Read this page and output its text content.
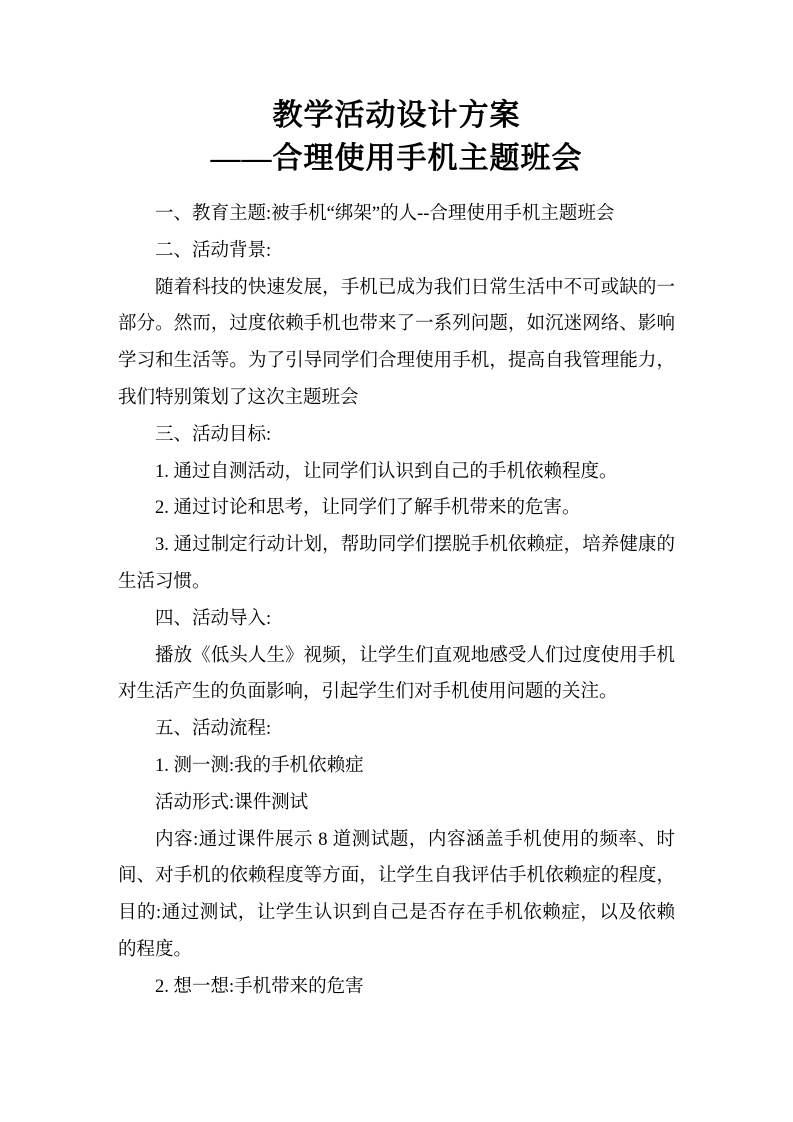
教学活动设计方案
——合理使用手机主题班会

一、教育主题:被手机“绑架”的人--合理使用手机主题班会

二、活动背景:

随着科技的快速发展，手机已成为我们日常生活中不可或缺的一部分。然而，过度依赖手机也带来了一系列问题，如沉迷网络、影响学习和生活等。为了引导同学们合理使用手机，提高自我管理能力，我们特别策划了这次主题班会

三、活动目标:

1. 通过自测活动，让同学们认识到自己的手机依赖程度。

2. 通过讨论和思考，让同学们了解手机带来的危害。

3. 通过制定行动计划，帮助同学们摆脱手机依赖症，培养健康的生活习惯。

四、活动导入:

播放《低头人生》视频，让学生们直观地感受人们过度使用手机对生活产生的负面影响，引起学生们对手机使用问题的关注。

五、活动流程:

1. 测一测:我的手机依赖症

活动形式:课件测试

内容:通过课件展示 8 道测试题，内容涵盖手机使用的频率、时间、对手机的依赖程度等方面，让学生自我评估手机依赖症的程度，目的:通过测试，让学生认识到自己是否存在手机依赖症，以及依赖的程度。

2. 想一想:手机带来的危害
